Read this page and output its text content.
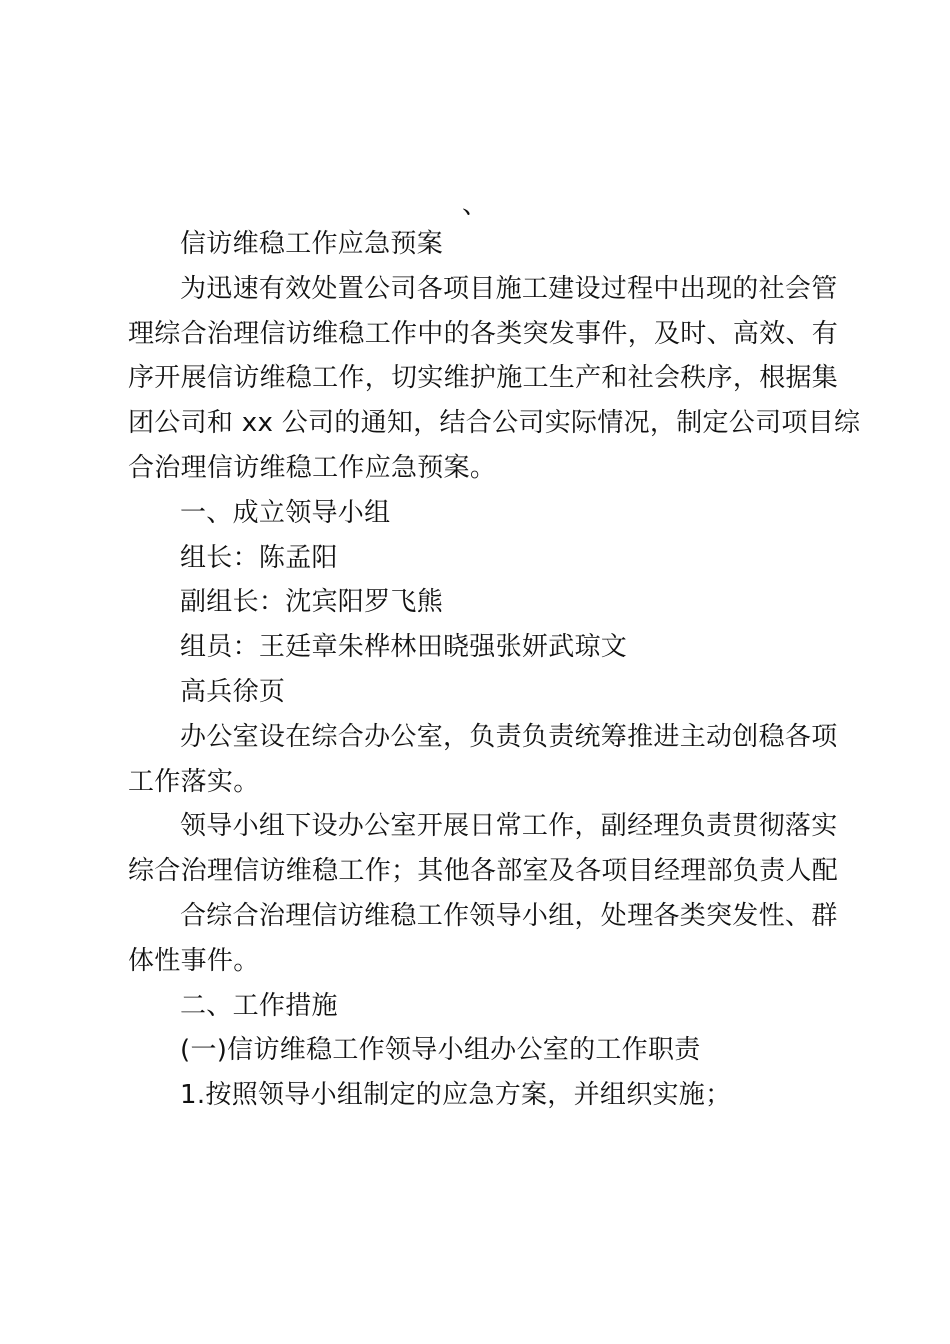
、

信访维稳工作应急预案

为迅速有效处置公司各项目施工建设过程中出现的社会管

理综合治理信访维稳工作中的各类突发事件，及时、高效、有

序开展信访维稳工作，切实维护施工生产和社会秩序，根据集

团公司和 xx 公司的通知，结合公司实际情况，制定公司项目综

合治理信访维稳工作应急预案。

一、成立领导小组

组长：陈孟阳

副组长：沈宾阳罗飞熊

组员：王廷章朱桦林田晓强张妍武琼文

高兵徐页

办公室设在综合办公室，负责负责统筹推进主动创稳各项

工作落实。

领导小组下设办公室开展日常工作，副经理负责贯彻落实

综合治理信访维稳工作；其他各部室及各项目经理部负责人配

合综合治理信访维稳工作领导小组，处理各类突发性、群

体性事件。

二、工作措施

(一)信访维稳工作领导小组办公室的工作职责

1.按照领导小组制定的应急方案，并组织实施；
